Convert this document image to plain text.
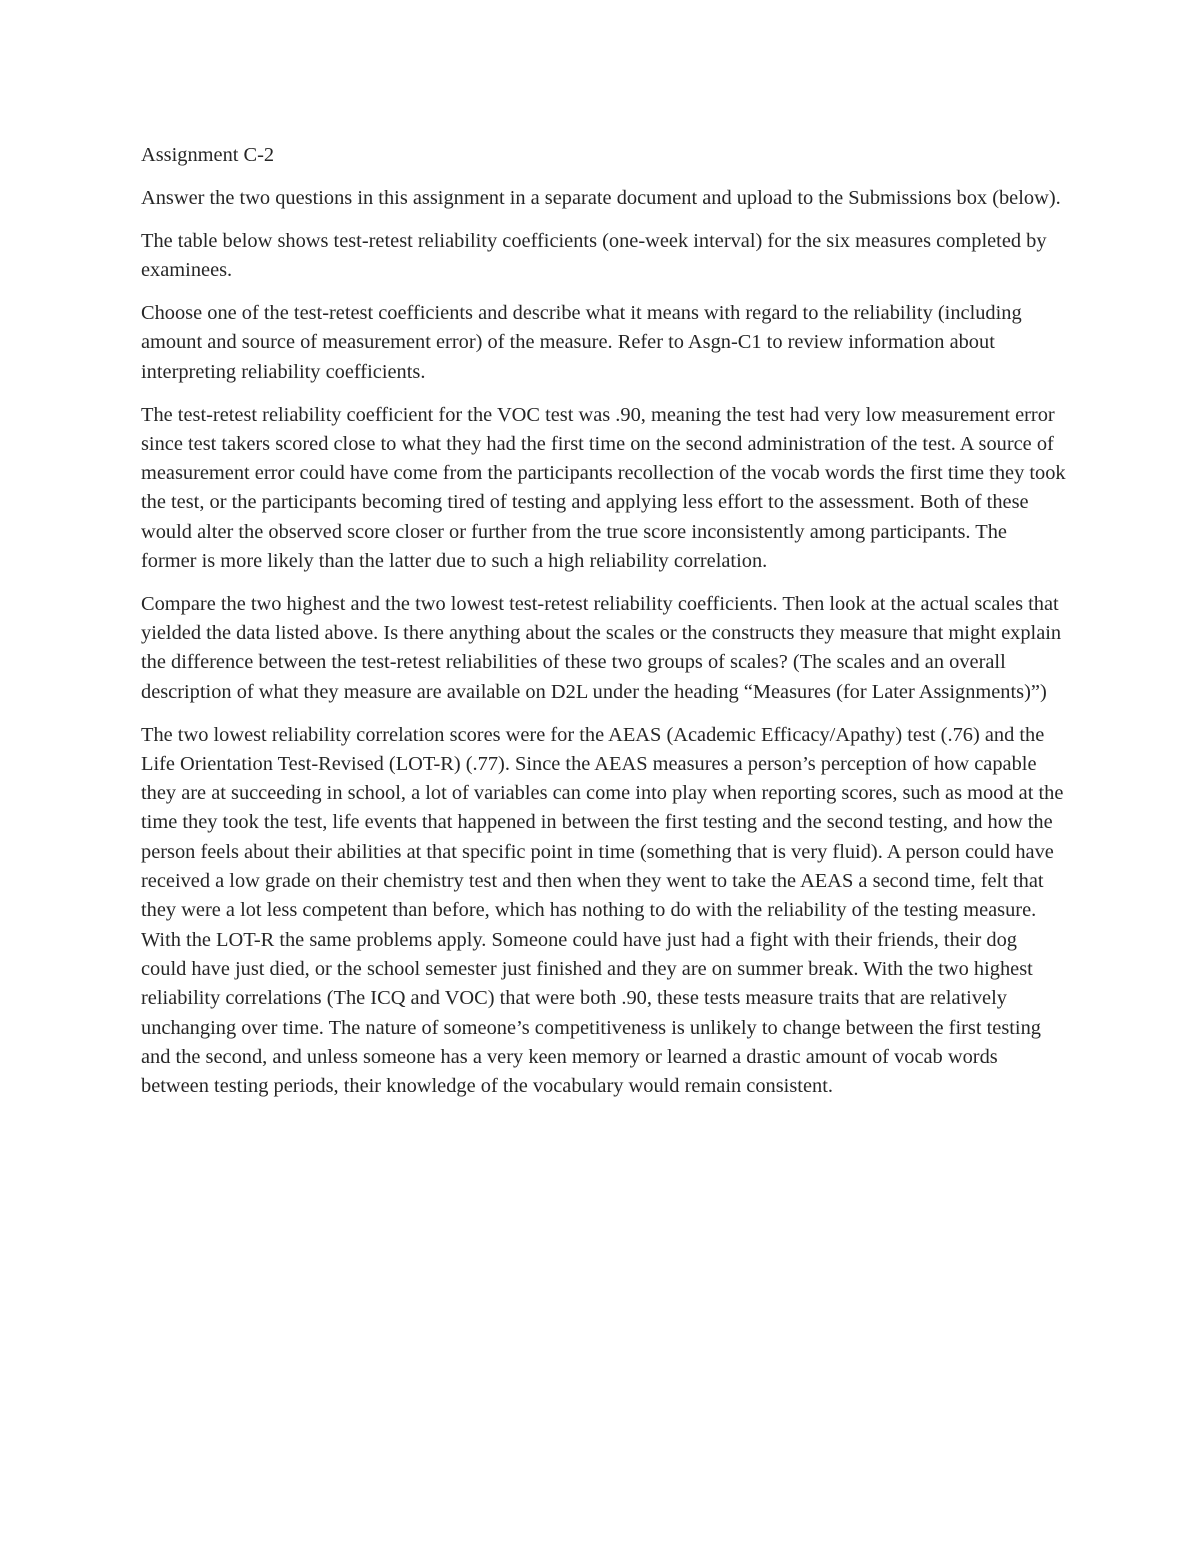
Assignment C-2

Answer the two questions in this assignment in a separate document and upload to the Submissions box (below).

The table below shows test-retest reliability coefficients (one-week interval) for the six measures completed by examinees.

Choose one of the test-retest coefficients and describe what it means with regard to the reliability (including amount and source of measurement error) of the measure. Refer to Asgn-C1 to review information about interpreting reliability coefficients.

The test-retest reliability coefficient for the VOC test was .90, meaning the test had very low measurement error since test takers scored close to what they had the first time on the second administration of the test. A source of measurement error could have come from the participants recollection of the vocab words the first time they took the test, or the participants becoming tired of testing and applying less effort to the assessment. Both of these would alter the observed score closer or further from the true score inconsistently among participants. The former is more likely than the latter due to such a high reliability correlation.

Compare the two highest and the two lowest test-retest reliability coefficients. Then look at the actual scales that yielded the data listed above. Is there anything about the scales or the constructs they measure that might explain the difference between the test-retest reliabilities of these two groups of scales? (The scales and an overall description of what they measure are available on D2L under the heading “Measures (for Later Assignments)”)

The two lowest reliability correlation scores were for the AEAS (Academic Efficacy/Apathy) test (.76) and the Life Orientation Test-Revised (LOT-R) (.77). Since the AEAS measures a person’s perception of how capable they are at succeeding in school, a lot of variables can come into play when reporting scores, such as mood at the time they took the test, life events that happened in between the first testing and the second testing, and how the person feels about their abilities at that specific point in time (something that is very fluid). A person could have received a low grade on their chemistry test and then when they went to take the AEAS a second time, felt that they were a lot less competent than before, which has nothing to do with the reliability of the testing measure. With the LOT-R the same problems apply. Someone could have just had a fight with their friends, their dog could have just died, or the school semester just finished and they are on summer break. With the two highest reliability correlations (The ICQ and VOC) that were both .90, these tests measure traits that are relatively unchanging over time. The nature of someone’s competitiveness is unlikely to change between the first testing and the second, and unless someone has a very keen memory or learned a drastic amount of vocab words between testing periods, their knowledge of the vocabulary would remain consistent.
